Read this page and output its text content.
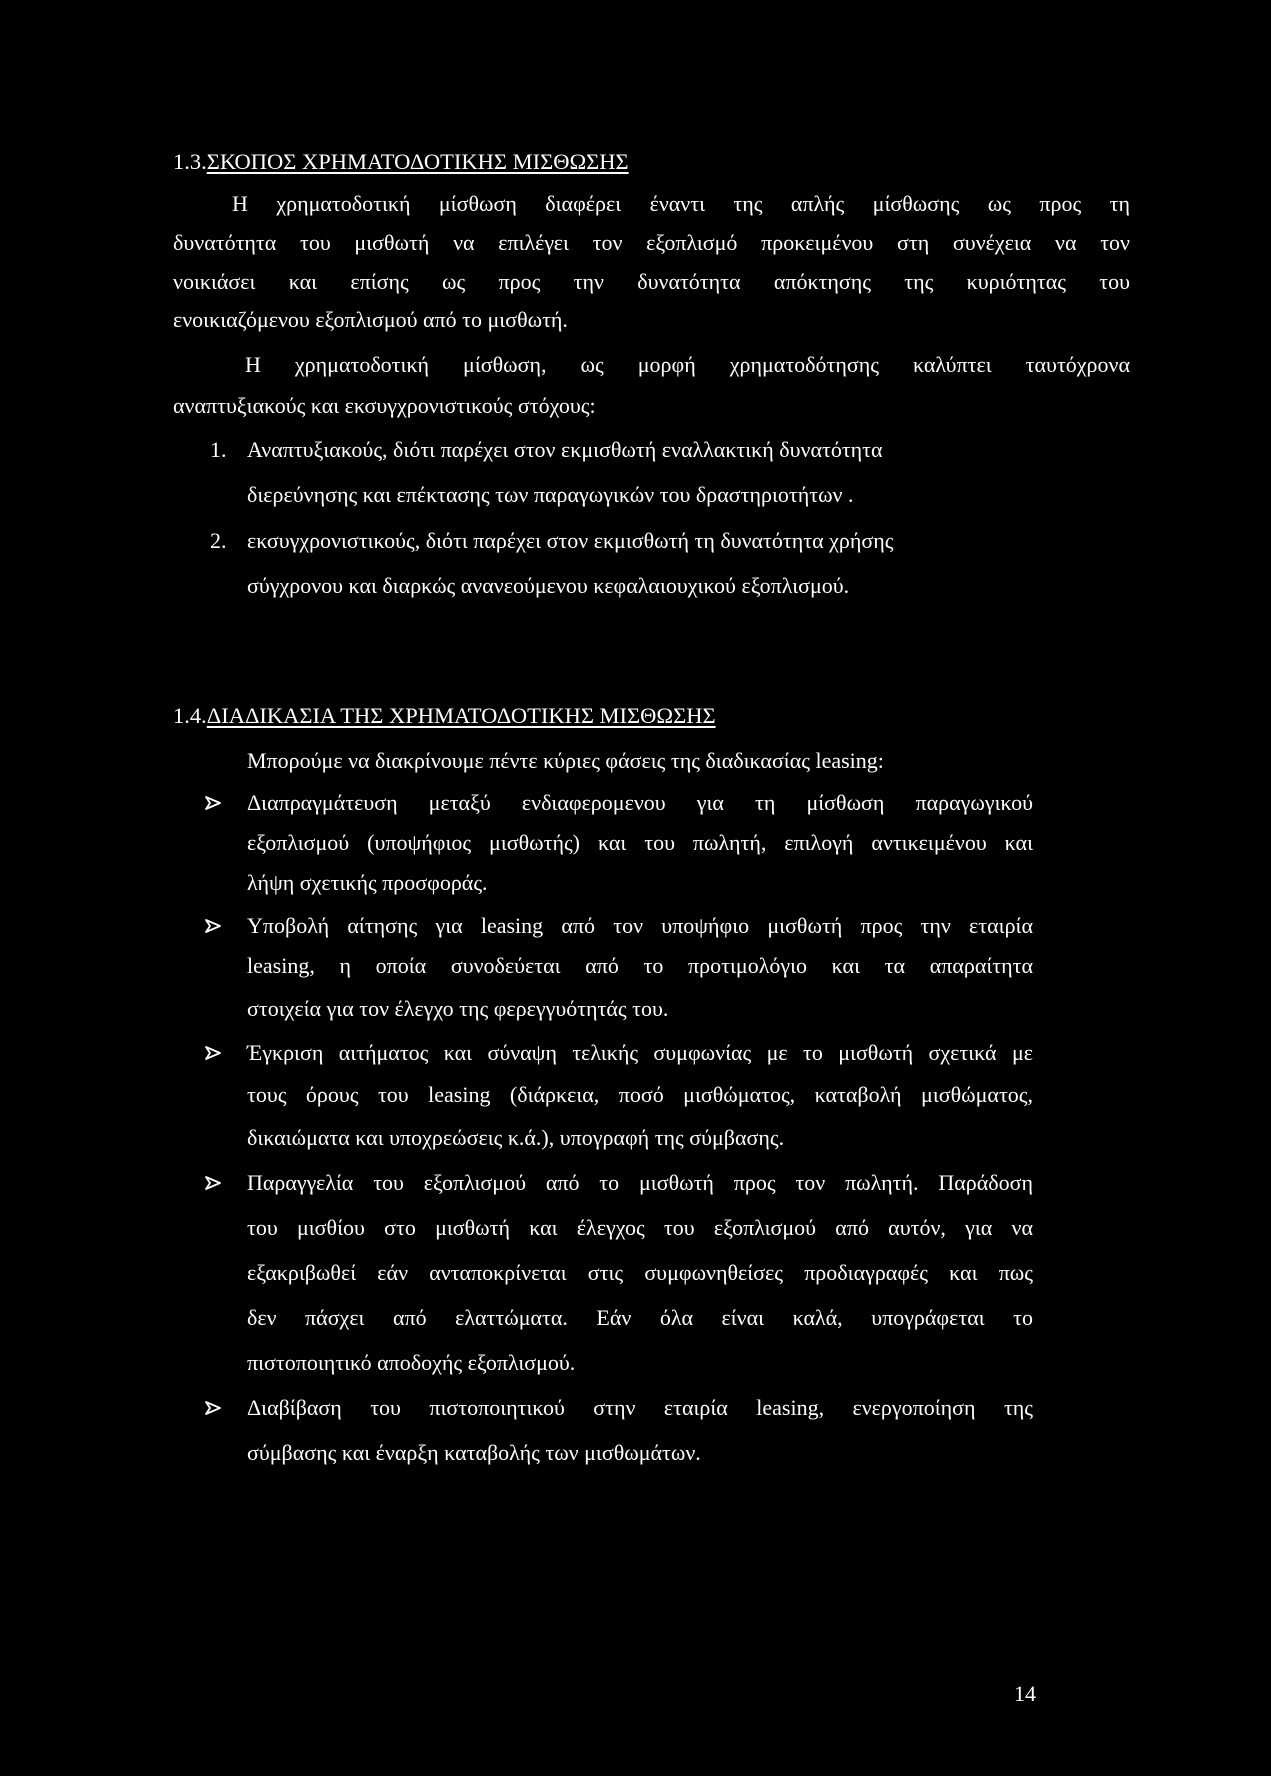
1.3.ΣΚΟΠΟΣ ΧΡΗΜΑΤΟΔΟΤΙΚΗΣ ΜΙΣΘΩΣΗΣ
Η χρηματοδοτική μίσθωση διαφέρει έναντι της απλής μίσθωσης ως προς τη
δυνατότητα του μισθωτή να επιλέγει τον εξοπλισμό προκειμένου στη συνέχεια να τον
νοικιάσει και επίσης ως προς την δυνατότητα απόκτησης της κυριότητας του
ενοικιαζόμενου εξοπλισμού από το μισθωτή.
Η χρηματοδοτική μίσθωση, ως μορφή χρηματοδότησης καλύπτει ταυτόχρονα
αναπτυξιακούς και εκσυγχρονιστικούς στόχους:
1. Αναπτυξιακούς, διότι παρέχει στον εκμισθωτή εναλλακτική δυνατότητα
διερεύνησης και επέκτασης των παραγωγικών του δραστηριοτήτων .
2. εκσυγχρονιστικούς, διότι παρέχει στον εκμισθωτή τη δυνατότητα χρήσης
σύγχρονου και διαρκώς ανανεούμενου κεφαλαιουχικού εξοπλισμού.
1.4.ΔΙΑΔΙΚΑΣΙΑ ΤΗΣ ΧΡΗΜΑΤΟΔΟΤΙΚΗΣ ΜΙΣΘΩΣΗΣ
Μπορούμε να διακρίνουμε πέντε κύριες φάσεις της διαδικασίας leasing:
Διαπραγμάτευση μεταξύ ενδιαφερομενου για τη μίσθωση παραγωγικού
εξοπλισμού (υποψήφιος μισθωτής) και του πωλητή, επιλογή αντικειμένου και
λήψη σχετικής προσφοράς.
Υποβολή αίτησης για leasing από τον υποψήφιο μισθωτή προς την εταιρία
leasing, η οποία συνοδεύεται από το προτιμολόγιο και τα απαραίτητα
στοιχεία για τον έλεγχο της φερεγγυότητάς του.
Έγκριση αιτήματος και σύναψη τελικής συμφωνίας με το μισθωτή σχετικά με
τους όρους του leasing (διάρκεια, ποσό μισθώματος, καταβολή μισθώματος,
δικαιώματα και υποχρεώσεις κ.ά.), υπογραφή της σύμβασης.
Παραγγελία του εξοπλισμού από το μισθωτή προς τον πωλητή. Παράδοση
του μισθίου στο μισθωτή και έλεγχος του εξοπλισμού από αυτόν, για να
εξακριβωθεί εάν ανταποκρίνεται στις συμφωνηθείσες προδιαγραφές και πως
δεν πάσχει από ελαττώματα. Εάν όλα είναι καλά, υπογράφεται το
πιστοποιητικό αποδοχής εξοπλισμού.
Διαβίβαση του πιστοποιητικού στην εταιρία leasing, ενεργοποίηση της
σύμβασης και έναρξη καταβολής των μισθωμάτων.
14
